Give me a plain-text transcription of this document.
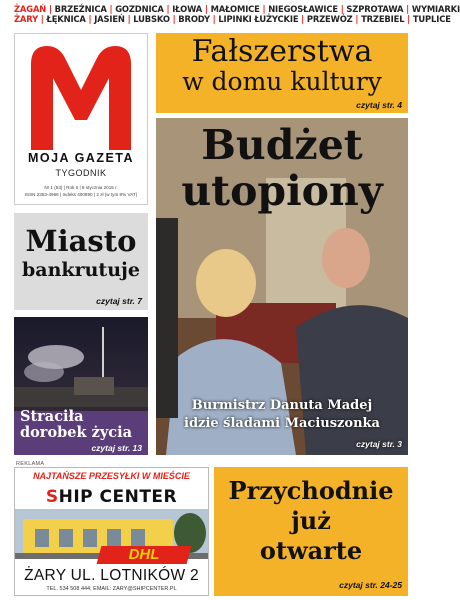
ŻAGAŃ | BRZEŹNICA | GOZDNICA | IŁOWA | MAŁOMICE | NIEGOSŁAWICE | SZPROTAWA | WYMIARKI
ŻARY | ŁĘKNICA | JASIEŃ | LUBSKO | BRODY | LIPINKI ŁUŻYCKIE | PRZEWÓZ | TRZEBIEL | TUPLICE
MOJA GAZETA
TYGODNIK
Nr 1 (53) | Rok II | 8 stycznia 2015 r.
ISSN 2353-4966 | Indeks 400890 | 2 zł (w tym 8% VAT)
Fałszerstwa
w domu kultury
czytaj str. 4
Budżet
utopiony
Burmistrz Danuta Madej
idzie śladami Maciuszonka
czytaj str. 3
Miasto
bankrutuje
czytaj str. 7
Straciła
dorobek życia
czytaj str. 13
REKLAMA
NAJTAŃSZE PRZESYŁKI W MIEŚCIE
SHIP CENTER
DHL
ŻARY UL. LOTNIKÓW 2
TEL. 534 508 444; EMAIL: ZARY@SHIPCENTER.PL
Przychodnie
już
otwarte
czytaj str. 24-25
